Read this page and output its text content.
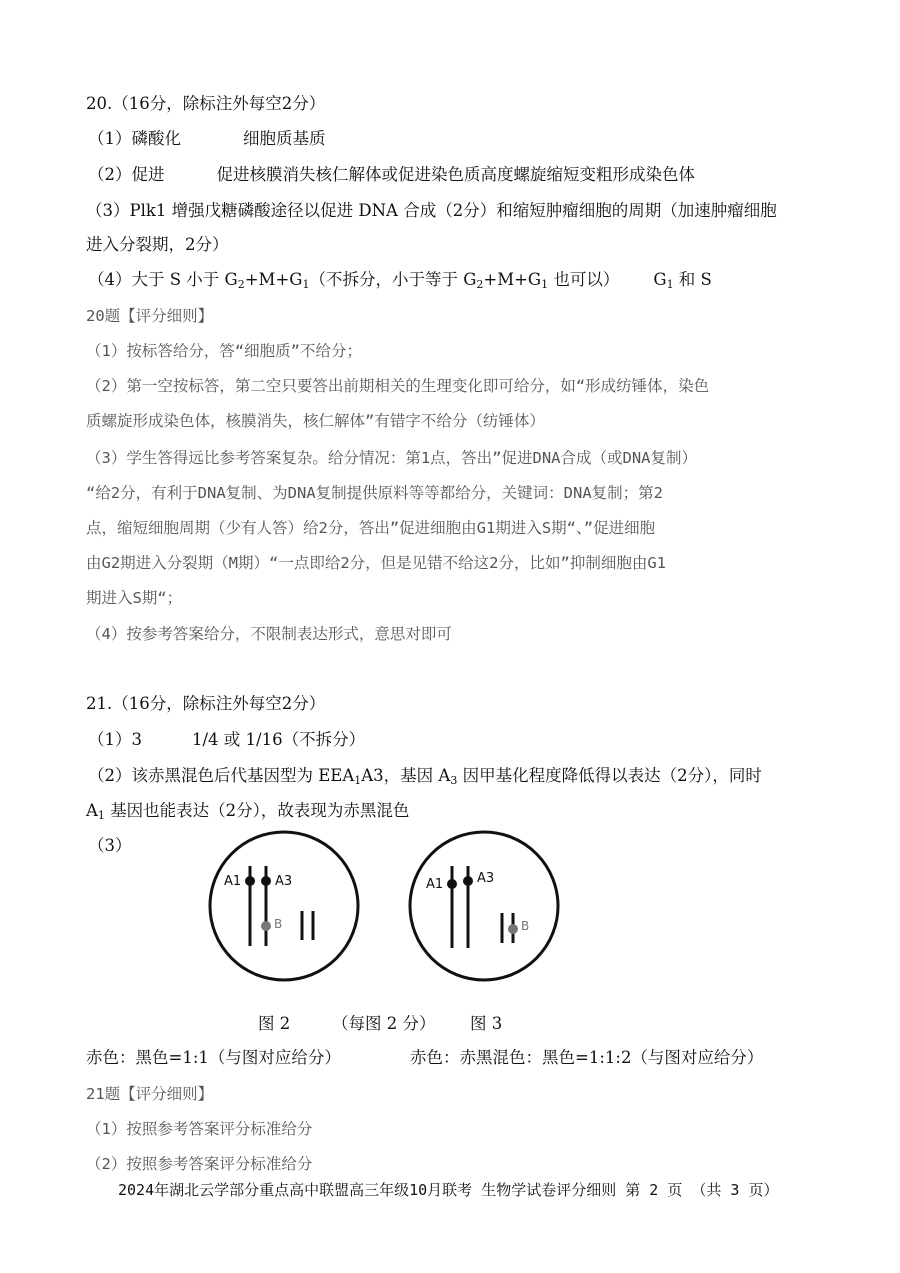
20.（16分，除标注外每空2分）
（1）磷酸化	细胞质基质
（2）促进	促进核膜消失核仁解体或促进染色质高度螺旋缩短变粗形成染色体
（3）Plk1 增强戊糖磷酸途径以促进 DNA 合成（2分）和缩短肿瘤细胞的周期（加速肿瘤细胞
进入分裂期，2分）
（4）大于 S 小于 $G_2+M+G_1$（不拆分，小于等于 $G_2+M+G_1$ 也可以） $G_1$ 和 S
20题【评分细则】
（1）按标答给分，答“细胞质”不给分；
（2）第一空按标答，第二空只要答出前期相关的生理变化即可给分，如“形成纺锤体，染色
质螺旋形成染色体，核膜消失，核仁解体”有错字不给分（纺锤体）
（3）学生答得远比参考答案复杂。给分情况：第1点，答出”促进DNA合成（或DNA复制）
“给2分，有利于DNA复制、为DNA复制提供原料等等都给分，关键词：DNA复制；第2
点，缩短细胞周期（少有人答）给2分，答出”促进细胞由G1期进入S期“、”促进细胞
由G2期进入分裂期（M期）“一点即给2分，但是见错不给这2分，比如”抑制细胞由G1
期进入S期“；
（4）按参考答案给分，不限制表达形式，意思对即可
21.（16分，除标注外每空2分）
（1）3	1/4 或 1/16（不拆分）
（2）该赤黑混色后代基因型为 $EEA_1A3$，基因 $A_3$ 因甲基化程度降低得以表达（2分），同时
$A_1$ 基因也能表达（2分），故表现为赤黑混色
（3）
A1	A3
B
A1	A3
B
图 2	（每图 2 分） 图 3
赤色：黑色=1:1（与图对应给分）	赤色：赤黑混色：黑色=1:1:2（与图对应给分）
21题【评分细则】
（1）按照参考答案评分标准给分
（2）按照参考答案评分标准给分
2024年湖北云学部分重点高中联盟高三年级10月联考 生物学试卷评分细则 第 2 页 （共 3 页）
